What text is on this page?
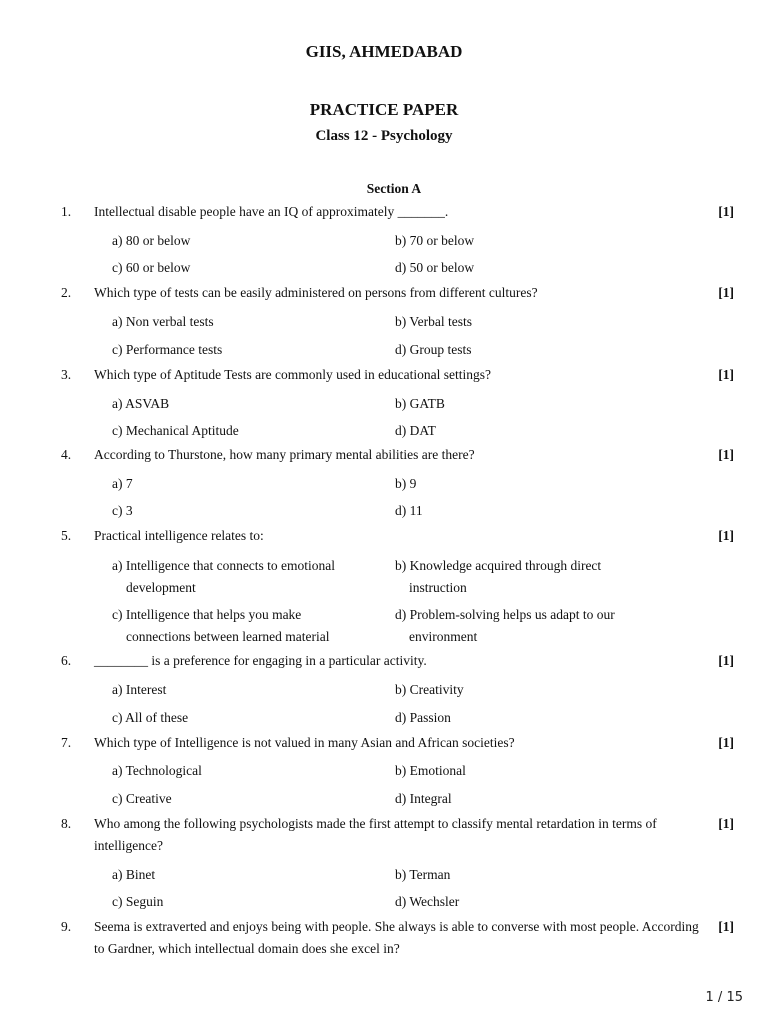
GIIS, AHMEDABAD
PRACTICE PAPER
Class 12 - Psychology
Section A
1. Intellectual disable people have an IQ of approximately _______.	[1]
a) 80 or below	b) 70 or below
c) 60 or below	d) 50 or below
2. Which type of tests can be easily administered on persons from different cultures?	[1]
a) Non verbal tests	b) Verbal tests
c) Performance tests	d) Group tests
3. Which type of Aptitude Tests are commonly used in educational settings?	[1]
a) ASVAB	b) GATB
c) Mechanical Aptitude	d) DAT
4. According to Thurstone, how many primary mental abilities are there?	[1]
a) 7	b) 9
c) 3	d) 11
5. Practical intelligence relates to:	[1]
a) Intelligence that connects to emotional development
b) Knowledge acquired through direct instruction
c) Intelligence that helps you make connections between learned material
d) Problem-solving helps us adapt to our environment
6. ________ is a preference for engaging in a particular activity.	[1]
a) Interest	b) Creativity
c) All of these	d) Passion
7. Which type of Intelligence is not valued in many Asian and African societies?	[1]
a) Technological	b) Emotional
c) Creative	d) Integral
8. Who among the following psychologists made the first attempt to classify mental retardation in terms of intelligence?
[1]
a) Binet	b) Terman
c) Seguin	d) Wechsler
9. Seema is extraverted and enjoys being with people. She always is able to converse with most people. According to Gardner, which intellectual domain does she excel in?
[1]
1 / 15
